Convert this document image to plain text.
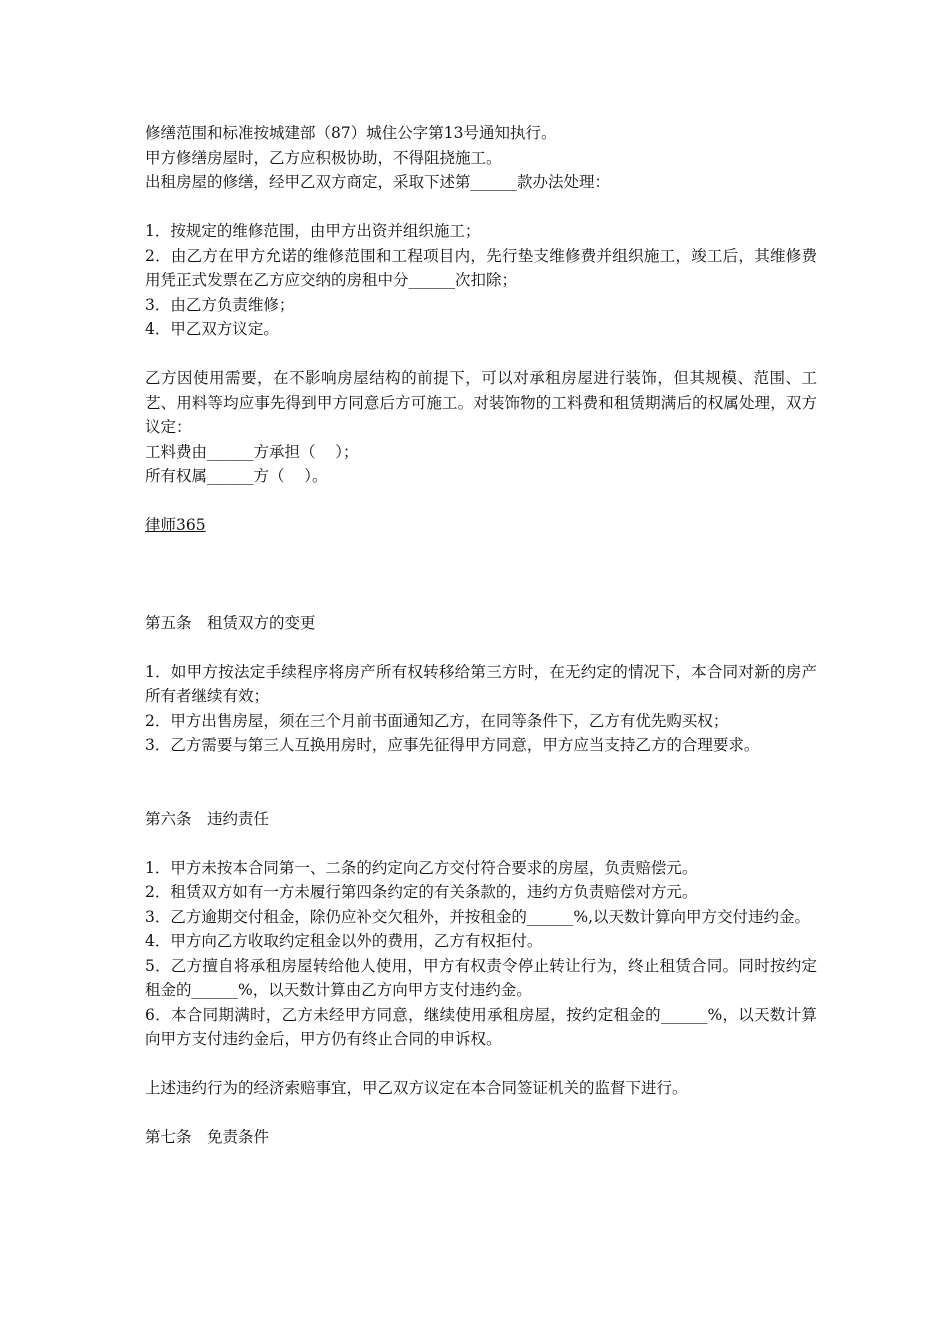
修缮范围和标准按城建部（87）城住公字第13号通知执行。

甲方修缮房屋时，乙方应积极协助，不得阻挠施工。

出租房屋的修缮，经甲乙双方商定，采取下述第______款办法处理：

1．按规定的维修范围，由甲方出资并组织施工；

2．由乙方在甲方允诺的维修范围和工程项目内，先行垫支维修费并组织施工，竣工后，其维修费用凭正式发票在乙方应交纳的房租中分______次扣除；

3．由乙方负责维修；

4．甲乙双方议定。

乙方因使用需要，在不影响房屋结构的前提下，可以对承租房屋进行装饰，但其规模、范围、工艺、用料等均应事先得到甲方同意后方可施工。对装饰物的工料费和租赁期满后的权属处理，双方议定：

工料费由______方承担（    ）；

所有权属______方（    ）。

律师365

第五条　租赁双方的变更

1．如甲方按法定手续程序将房产所有权转移给第三方时，在无约定的情况下，本合同对新的房产所有者继续有效；

2．甲方出售房屋，须在三个月前书面通知乙方，在同等条件下，乙方有优先购买权；

3．乙方需要与第三人互换用房时，应事先征得甲方同意，甲方应当支持乙方的合理要求。

第六条　违约责任

1．甲方未按本合同第一、二条的约定向乙方交付符合要求的房屋，负责赔偿元。

2．租赁双方如有一方未履行第四条约定的有关条款的，违约方负责赔偿对方元。

3．乙方逾期交付租金，除仍应补交欠租外，并按租金的______%,以天数计算向甲方交付违约金。

4．甲方向乙方收取约定租金以外的费用，乙方有权拒付。

5．乙方擅自将承租房屋转给他人使用，甲方有权责令停止转让行为，终止租赁合同。同时按约定租金的______%，以天数计算由乙方向甲方支付违约金。

6．本合同期满时，乙方未经甲方同意，继续使用承租房屋，按约定租金的______%，以天数计算向甲方支付违约金后，甲方仍有终止合同的申诉权。

上述违约行为的经济索赔事宜，甲乙双方议定在本合同签证机关的监督下进行。

第七条　免责条件
